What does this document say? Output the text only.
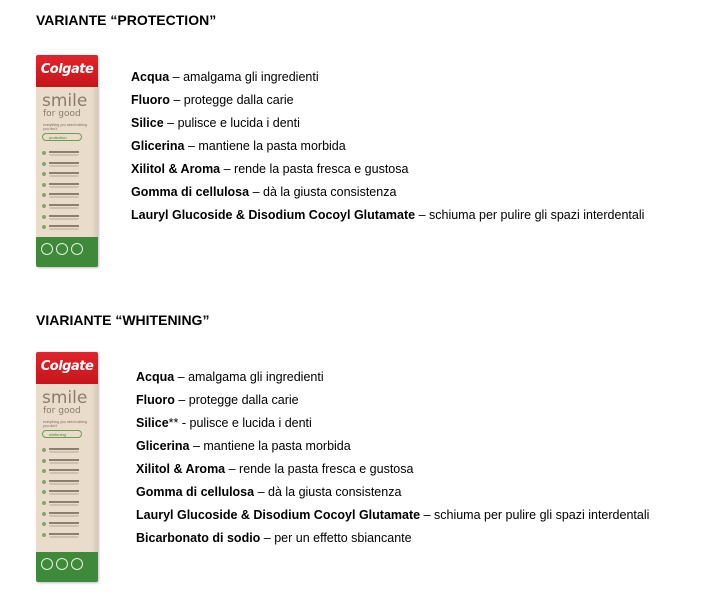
VARIANTE “PROTECTION”
Colgate
smile
for good
everything you need nothing you don't
protection
Acqua – amalgama gli ingredienti
Fluoro – protegge dalla carie
Silice – pulisce e lucida i denti
Glicerina – mantiene la pasta morbida
Xilitol & Aroma – rende la pasta fresca e gustosa
Gomma di cellulosa – dà la giusta consistenza
Lauryl Glucoside & Disodium Cocoyl Glutamate – schiuma per pulire gli spazi interdentali
VIARIANTE “WHITENING”
Colgate
smile
for good
everything you need nothing you don't
whitening
Acqua – amalgama gli ingredienti
Fluoro – protegge dalla carie
Silice** - pulisce e lucida i denti
Glicerina – mantiene la pasta morbida
Xilitol & Aroma – rende la pasta fresca e gustosa
Gomma di cellulosa – dà la giusta consistenza
Lauryl Glucoside & Disodium Cocoyl Glutamate – schiuma per pulire gli spazi interdentali
Bicarbonato di sodio – per un effetto sbiancante
